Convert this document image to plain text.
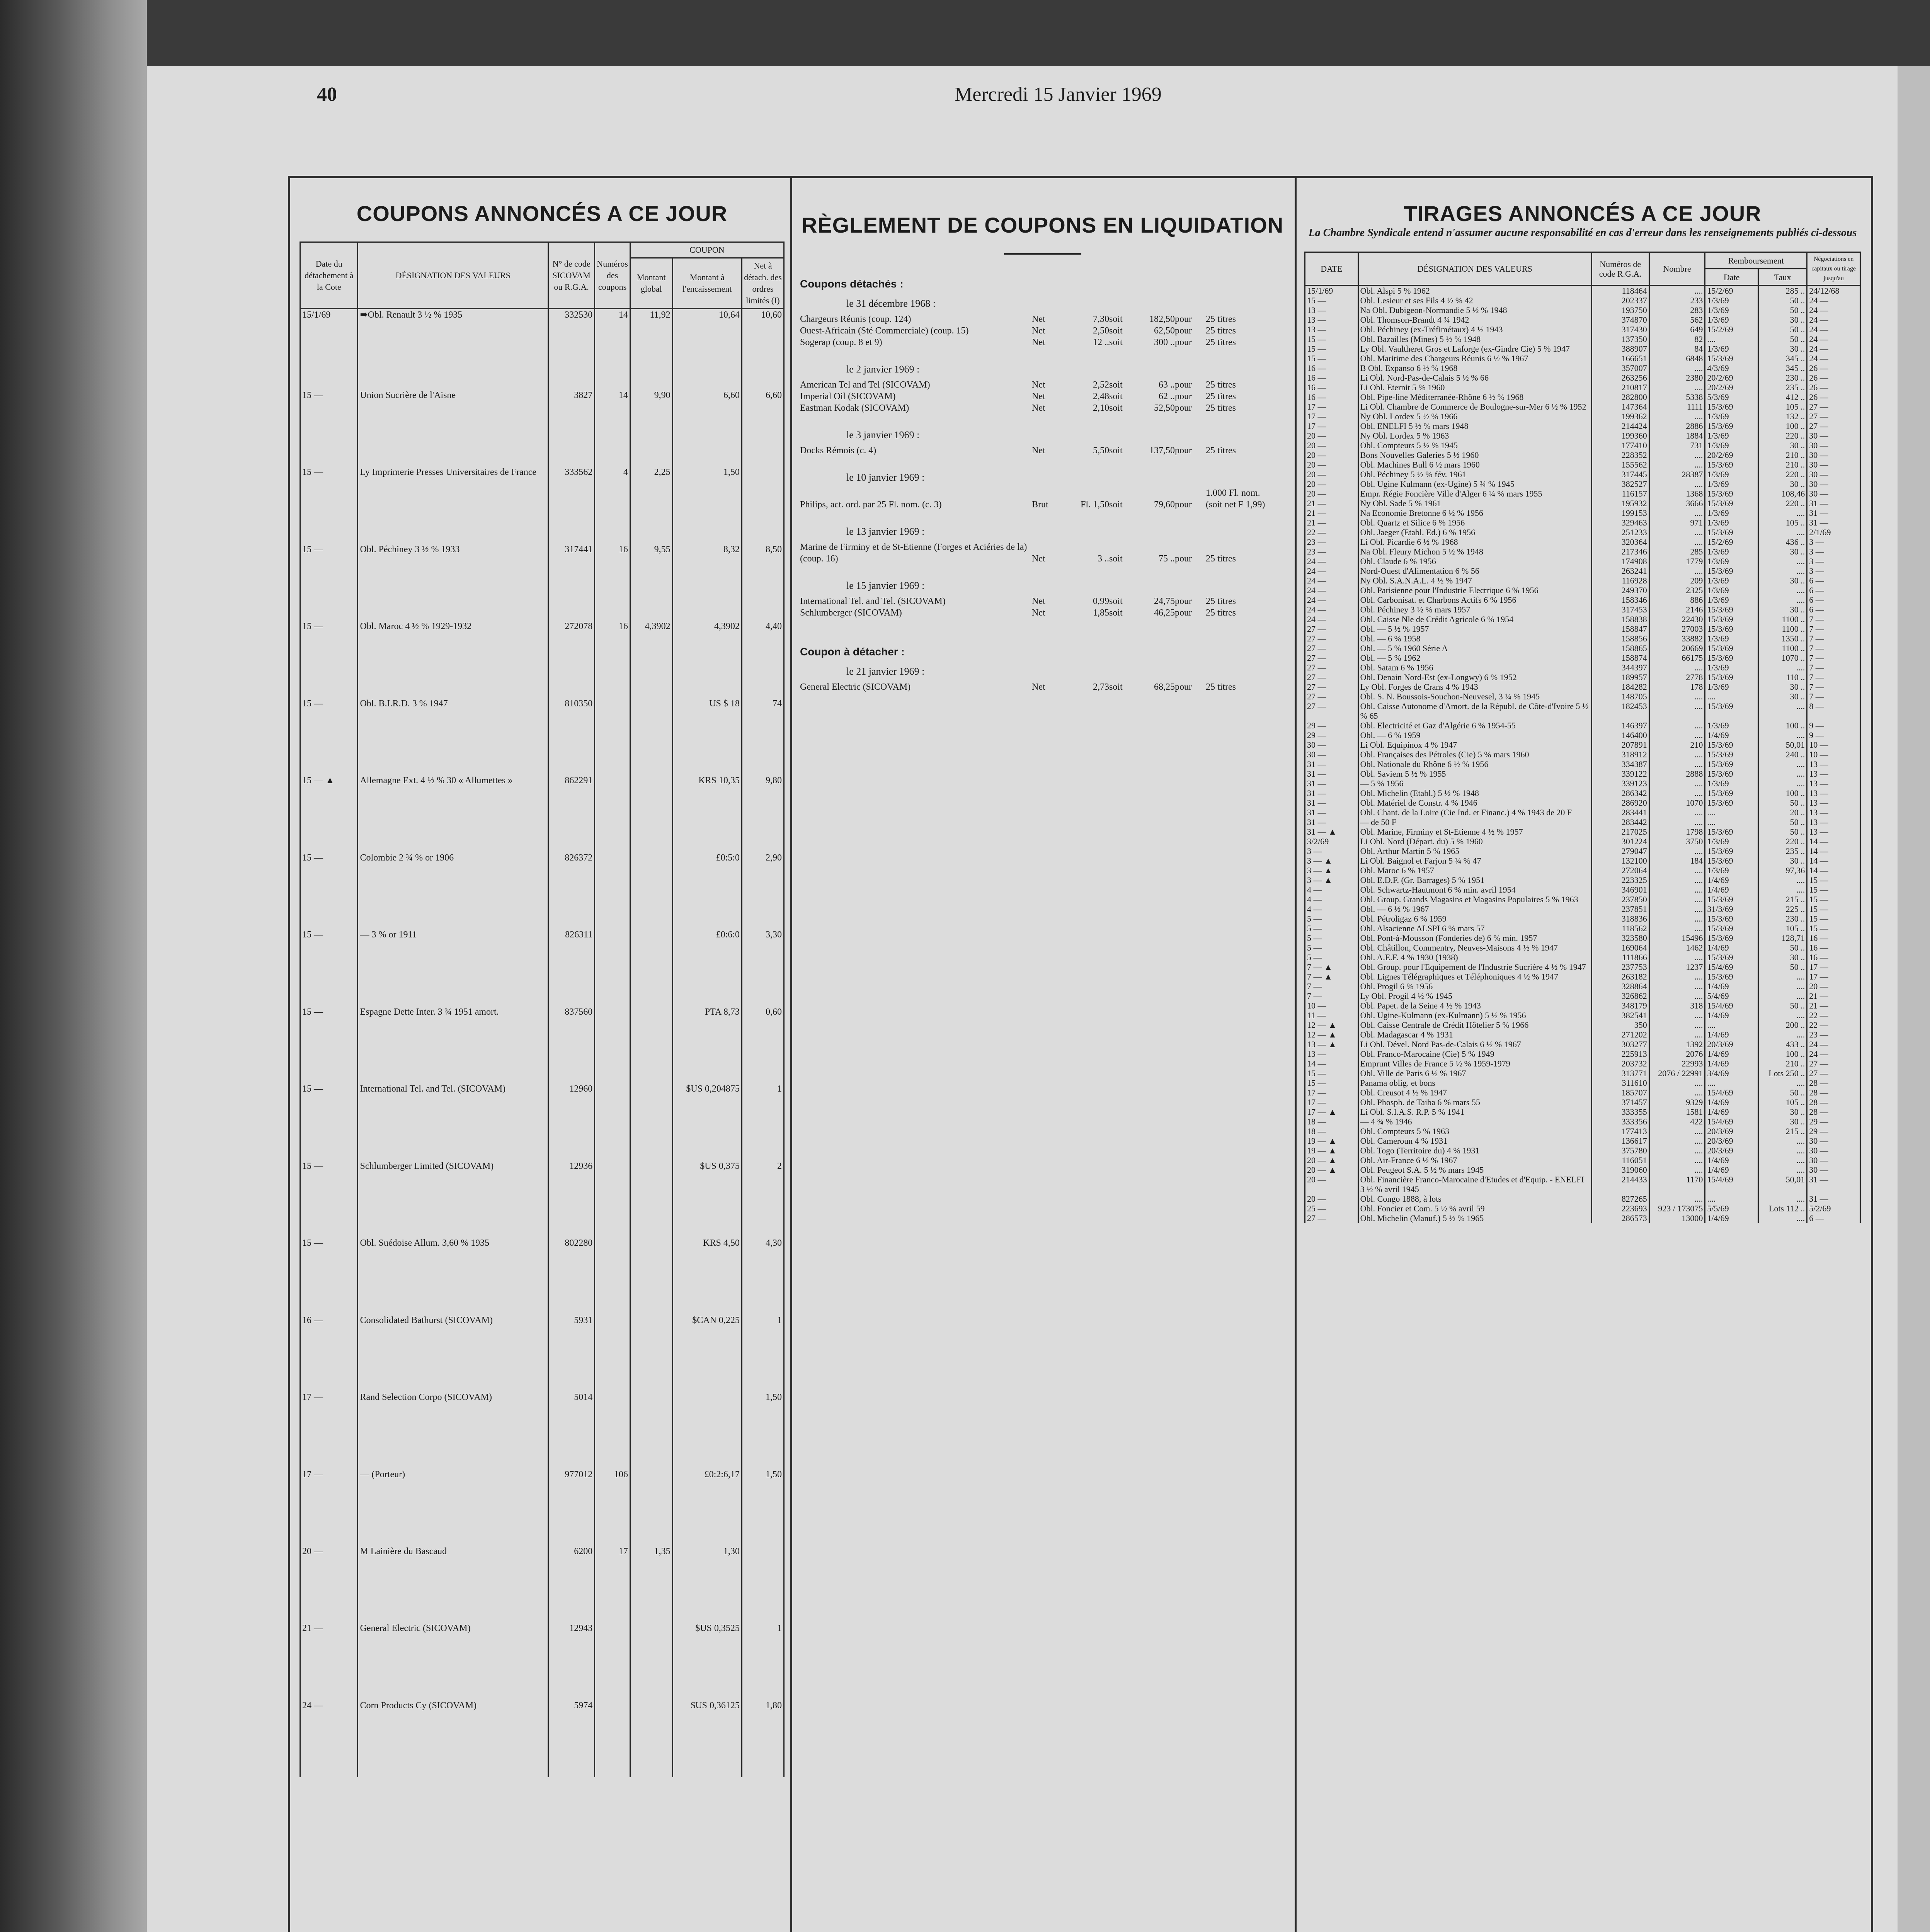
40	Mercredi 15 Janvier 1969
COUPONS ANNONCÉS A CE JOUR
Date du détachement à la Cote	DÉSIGNATION DES VALEURS	N° de code SICOVAM ou R.G.A.	Numéros des coupons	COUPON		
				Montant global	Montant à l'encaissement	Net à détach. des ordres limités (I)
15/1/69	➡Obl. Renault 3 ½ % 1935	332530	14	11,92	10,64	10,60
15 —	Union Sucrière de l'Aisne	3827	14	9,90	6,60	6,60
15 —	Ly Imprimerie Presses Universitaires de France	333562	4	2,25	1,50	
15 —	Obl. Péchiney 3 ½ % 1933	317441	16	9,55	8,32	8,50
15 —	Obl. Maroc 4 ½ % 1929-1932	272078	16	4,3902	4,3902	4,40
15 —	Obl. B.I.R.D. 3 % 1947	810350			US $ 18	74
15 — ▲	Allemagne Ext. 4 ½ % 30 « Allumettes »	862291			KRS 10,35	9,80
15 —	Colombie 2 ¾ % or 1906	826372			£0:5:0	2,90
15 —	— 3 % or 1911	826311			£0:6:0	3,30
15 —	Espagne Dette Inter. 3 ¾ 1951 amort.	837560			PTA 8,73	0,60
15 —	International Tel. and Tel. (SICOVAM)	12960			$US 0,204875	1
15 —	Schlumberger Limited (SICOVAM)	12936			$US 0,375	2
15 —	Obl. Suédoise Allum. 3,60 % 1935	802280			KRS 4,50	4,30
16 —	Consolidated Bathurst (SICOVAM)	5931			$CAN 0,225	1
17 —	Rand Selection Corpo (SICOVAM)	5014				1,50
17 —	— (Porteur)	977012	106		£0:2:6,17	1,50
20 —	M Lainière du Bascaud	6200	17	1,35	1,30	
21 —	General Electric (SICOVAM)	12943			$US 0,3525	1
24 —	Corn Products Cy (SICOVAM)	5974			$US 0,36125	1,80
RÈGLEMENT DE COUPONS EN LIQUIDATION
Coupons détachés :
le 31 décembre 1968 :
Chargeurs Réunis (coup. 124)	Net	7,30soit	182,50pour 25 titres
Ouest-Africain (Sté Commerciale) (coup. 15)	Net	2,50soit	62,50pour 25 titres
Sogerap (coup. 8 et 9)	Net	12 ..soit	300 ..pour 25 titres
le 2 janvier 1969 :
American Tel and Tel (SICOVAM)	Net	2,52soit	63 ..pour 25 titres
Imperial Oil (SICOVAM)	Net	2,48soit	62 ..pour 25 titres
Eastman Kodak (SICOVAM)	Net	2,10soit	52,50pour 25 titres
le 3 janvier 1969 :
Docks Rémois (c. 4)	Net	5,50soit	137,50pour 25 titres
le 10 janvier 1969 :
Philips, act. ord. par 25 Fl. nom. (c. 3)	Brut	Fl. 1,50soit	79,60pour1.000 Fl. nom. (soit net F 1,99)
le 13 janvier 1969 :
Marine de Firminy et de St-Etienne (Forges et Aciéries de la) (coup. 16)	Net	3 ..soit	75 ..pour 25 titres
le 15 janvier 1969 :
International Tel. and Tel. (SICOVAM)	Net	0,99soit	24,75pour 25 titres
Schlumberger (SICOVAM)	Net	1,85soit	46,25pour 25 titres
Coupon à détacher :
le 21 janvier 1969 :
General Electric (SICOVAM)	Net	2,73soit	68,25pour 25 titres
TIRAGES ANNONCÉS A CE JOUR
La Chambre Syndicale entend n'assumer aucune responsabilité en cas d'erreur dans les renseignements publiés ci-dessous
DATE	DÉSIGNATION DES VALEURS	Numéros de code R.G.A.	Nombre	Remboursement		Négociations en capitaux ou tirage jusqu'au
				Date	Taux	
15/1/69	Obl. Alspi 5 % 1962	118464	....	15/2/69	285 ..	24/12/68
15 —	Obl. Lesieur et ses Fils 4 ½ % 42	202337	233	1/3/69	50 ..	24 —
13 —	Na Obl. Dubigeon-Normandie 5 ½ % 1948	193750	283	1/3/69	50 ..	24 —
13 —	Obl. Thomson-Brandt 4 ¾ 1942	374870	562	1/3/69	30 ..	24 —
13 —	Obl. Péchiney (ex-Tréfimétaux) 4 ½ 1943	317430	649	15/2/69	50 ..	24 —
15 —	Obl. Bazailles (Mines) 5 ½ % 1948	137350	82	....	50 ..	24 —
15 —	Ly Obl. Vaultheret Gros et Laforge (ex-Gindre Cie) 5 % 1947	388907	84	1/3/69	30 ..	24 —
15 —	Obl. Maritime des Chargeurs Réunis 6 ½ % 1967	166651	6848	15/3/69	345 ..	24 —
16 —	B Obl. Expanso 6 ½ % 1968	357007	....	4/3/69	345 ..	26 —
16 —	Li Obl. Nord-Pas-de-Calais 5 ½ % 66	263256	2380	20/2/69	230 ..	26 —
16 —	Li Obl. Eternit 5 % 1960	210817	....	20/2/69	235 ..	26 —
16 —	Obl. Pipe-line Méditerranée-Rhône 6 ½ % 1968	282800	5338	5/3/69	412 ..	26 —
17 —	Li Obl. Chambre de Commerce de Boulogne-sur-Mer 6 ½ % 1952	147364	1111	15/3/69	105 ..	27 —
17 —	Ny Obl. Lordex 5 ½ % 1966	199362	....	1/3/69	132 ..	27 —
17 —	Obl. ENELFI 5 ½ % mars 1948	214424	2886	15/3/69	100 ..	27 —
20 —	Ny Obl. Lordex 5 % 1963	199360	1884	1/3/69	220 ..	30 —
20 —	Obl. Compteurs 5 ½ % 1945	177410	731	1/3/69	30 ..	30 —
20 —	Bons Nouvelles Galeries 5 ½ 1960	228352	....	20/2/69	210 ..	30 —
20 —	Obl. Machines Bull 6 ½ mars 1960	155562	....	15/3/69	210 ..	30 —
20 —	Obl. Péchiney 5 ½ % fév. 1961	317445	28387	1/3/69	220 ..	30 —
20 —	Obl. Ugine Kulmann (ex-Ugine) 5 ¾ % 1945	382527	....	1/3/69	30 ..	30 —
20 —	Empr. Régie Foncière Ville d'Alger 6 ¼ % mars 1955	116157	1368	15/3/69	108,46	30 —
21 —	Ny Obl. Sade 5 % 1961	195932	3666	15/3/69	220 ..	31 —
21 —	Na Economie Bretonne 6 ½ % 1956	199153	....	1/3/69	....	31 —
21 —	Obl. Quartz et Silice 6 % 1956	329463	971	1/3/69	105 ..	31 —
22 —	Obl. Jaeger (Etabl. Ed.) 6 % 1956	251233	....	15/3/69	....	2/1/69
23 —	Li Obl. Picardie 6 ½ % 1968	320364	....	15/2/69	436 ..	3 —
23 —	Na Obl. Fleury Michon 5 ½ % 1948	217346	285	1/3/69	30 ..	3 —
24 —	Obl. Claude 6 % 1956	174908	1779	1/3/69	....	3 —
24 —	Nord-Ouest d'Alimentation 6 % 56	263241	....	15/3/69	....	3 —
24 —	Ny Obl. S.A.N.A.L. 4 ½ % 1947	116928	209	1/3/69	30 ..	6 —
24 —	Obl. Parisienne pour l'Industrie Electrique 6 % 1956	249370	2325	1/3/69	....	6 —
24 —	Obl. Carbonisat. et Charbons Actifs 6 % 1956	158346	886	1/3/69	....	6 —
24 —	Obl. Péchiney 3 ½ % mars 1957	317453	2146	15/3/69	30 ..	6 —
24 —	Obl. Caisse Nle de Crédit Agricole 6 % 1954	158838	22430	15/3/69	1100 ..	7 —
27 —	Obl. — 5 ½ % 1957	158847	27003	15/3/69	1100 ..	7 —
27 —	Obl. — 6 % 1958	158856	33882	1/3/69	1350 ..	7 —
27 —	Obl. — 5 % 1960 Série A	158865	20669	15/3/69	1100 ..	7 —
27 —	Obl. — 5 % 1962	158874	66175	15/3/69	1070 ..	7 —
27 —	Obl. Satam 6 % 1956	344397	....	1/3/69	....	7 —
27 —	Obl. Denain Nord-Est (ex-Longwy) 6 % 1952	189957	2778	15/3/69	110 ..	7 —
27 —	Ly Obl. Forges de Crans 4 % 1943	184282	178	1/3/69	30 ..	7 —
27 —	Obl. S. N. Boussois-Souchon-Neuvesel, 3 ¼ % 1945	148705	....	....	30 ..	7 —
27 —	Obl. Caisse Autonome d'Amort. de la Républ. de Côte-d'Ivoire 5 ½ % 65	182453	....	15/3/69	....	8 —
29 —	Obl. Electricité et Gaz d'Algérie 6 % 1954-55	146397	....	1/3/69	100 ..	9 —
29 —	Obl. — 6 % 1959	146400	....	1/4/69	....	9 —
30 —	Li Obl. Equipinox 4 % 1947	207891	210	15/3/69	50,01	10 —
30 —	Obl. Françaises des Pétroles (Cie) 5 % mars 1960	318912	....	15/3/69	240 ..	10 —
31 —	Obl. Nationale du Rhône 6 ½ % 1956	334387	....	15/3/69	....	13 —
31 —	Obl. Saviem 5 ½ % 1955	339122	2888	15/3/69	....	13 —
31 —	— 5 % 1956	339123	....	1/3/69	....	13 —
31 —	Obl. Michelin (Etabl.) 5 ½ % 1948	286342	....	15/3/69	100 ..	13 —
31 —	Obl. Matériel de Constr. 4 % 1946	286920	1070	15/3/69	50 ..	13 —
31 —	Obl. Chant. de la Loire (Cie Ind. et Financ.) 4 % 1943 de 20 F	283441	....	....	20 ..	13 —
31 —	— de 50 F	283442	....	....	50 ..	13 —
31 — ▲	Obl. Marine, Firminy et St-Etienne 4 ½ % 1957	217025	1798	15/3/69	50 ..	13 —
3/2/69	Li Obl. Nord (Départ. du) 5 % 1960	301224	3750	1/3/69	220 ..	14 —
3 —	Obl. Arthur Martin 5 % 1965	279047	....	15/3/69	235 ..	14 —
3 — ▲	Li Obl. Baignol et Farjon 5 ¼ % 47	132100	184	15/3/69	30 ..	14 —
3 — ▲	Obl. Maroc 6 % 1957	272064	....	1/3/69	97,36	14 —
3 — ▲	Obl. E.D.F. (Gr. Barrages) 5 % 1951	223325	....	1/4/69	....	15 —
4 —	Obl. Schwartz-Hautmont 6 % min. avril 1954	346901	....	1/4/69	....	15 —
4 —	Obl. Group. Grands Magasins et Magasins Populaires 5 % 1963	237850	....	15/3/69	215 ..	15 —
4 —	Obl. — 6 ½ % 1967	237851	....	31/3/69	225 ..	15 —
5 —	Obl. Pétroligaz 6 % 1959	318836	....	15/3/69	230 ..	15 —
5 —	Obl. Alsacienne ALSPI 6 % mars 57	118562	....	15/3/69	105 ..	15 —
5 —	Obl. Pont-à-Mousson (Fonderies de) 6 % min. 1957	323580	15496	15/3/69	128,71	16 —
5 —	Obl. Châtillon, Commentry, Neuves-Maisons 4 ½ % 1947	169064	1462	1/4/69	50 ..	16 —
5 —	Obl. A.E.F. 4 % 1930 (1938)	111866	....	15/3/69	30 ..	16 —
7 — ▲	Obl. Group. pour l'Equipement de l'Industrie Sucrière 4 ½ % 1947	237753	1237	15/4/69	50 ..	17 —
7 — ▲	Obl. Lignes Télégraphiques et Téléphoniques 4 ½ % 1947	263182	....	15/3/69	....	17 —
7 —	Obl. Progil 6 % 1956	328864	....	1/4/69	....	20 —
7 —	Ly Obl. Progil 4 ½ % 1945	326862	....	5/4/69	....	21 —
10 —	Obl. Papet. de la Seine 4 ½ % 1943	348179	318	15/4/69	50 ..	21 —
11 —	Obl. Ugine-Kulmann (ex-Kulmann) 5 ½ % 1956	382541	....	1/4/69	....	22 —
12 — ▲	Obl. Caisse Centrale de Crédit Hôtelier 5 % 1966	350	....	....	200 ..	22 —
12 — ▲	Obl. Madagascar 4 % 1931	271202	....	1/4/69	....	23 —
13 — ▲	Li Obl. Dével. Nord Pas-de-Calais 6 ½ % 1967	303277	1392	20/3/69	433 ..	24 —
13 —	Obl. Franco-Marocaine (Cie) 5 % 1949	225913	2076	1/4/69	100 ..	24 —
14 —	Emprunt Villes de France 5 ½ % 1959-1979	203732	22993	1/4/69	210 ..	27 —
15 —	Obl. Ville de Paris 6 ½ % 1967	313771	2076 / 22991	3/4/69	Lots 250 ..	27 —
15 —	Panama oblig. et bons	311610	....	....	....	28 —
17 —	Obl. Creusot 4 ½ % 1947	185707	....	15/4/69	50 ..	28 —
17 —	Obl. Phosph. de Taiba 6 % mars 55	371457	9329	1/4/69	105 ..	28 —
17 — ▲	Li Obl. S.I.A.S. R.P. 5 % 1941	333355	1581	1/4/69	30 ..	28 —
18 —	— 4 ¾ % 1946	333356	422	15/4/69	30 ..	29 —
18 —	Obl. Compteurs 5 % 1963	177413	....	20/3/69	215 ..	29 —
19 — ▲	Obl. Cameroun 4 % 1931	136617	....	20/3/69	....	30 —
19 — ▲	Obl. Togo (Territoire du) 4 % 1931	375780	....	20/3/69	....	30 —
20 — ▲	Obl. Air-France 6 ½ % 1967	116051	....	1/4/69	....	30 —
20 — ▲	Obl. Peugeot S.A. 5 ½ % mars 1945	319060	....	1/4/69	....	30 —
20 —	Obl. Financière Franco-Marocaine d'Etudes et d'Equip. - ENELFI 3 ½ % avril 1945	214433	1170	15/4/69	50,01	31 —
20 —	Obl. Congo 1888, à lots	827265	....	....	....	31 —
25 —	Obl. Foncier et Com. 5 ½ % avril 59	223693	923 / 173075	5/5/69	Lots 112 ..	5/2/69
27 —	Obl. Michelin (Manuf.) 5 ½ % 1965	286573	13000	1/4/69	....	6 —
